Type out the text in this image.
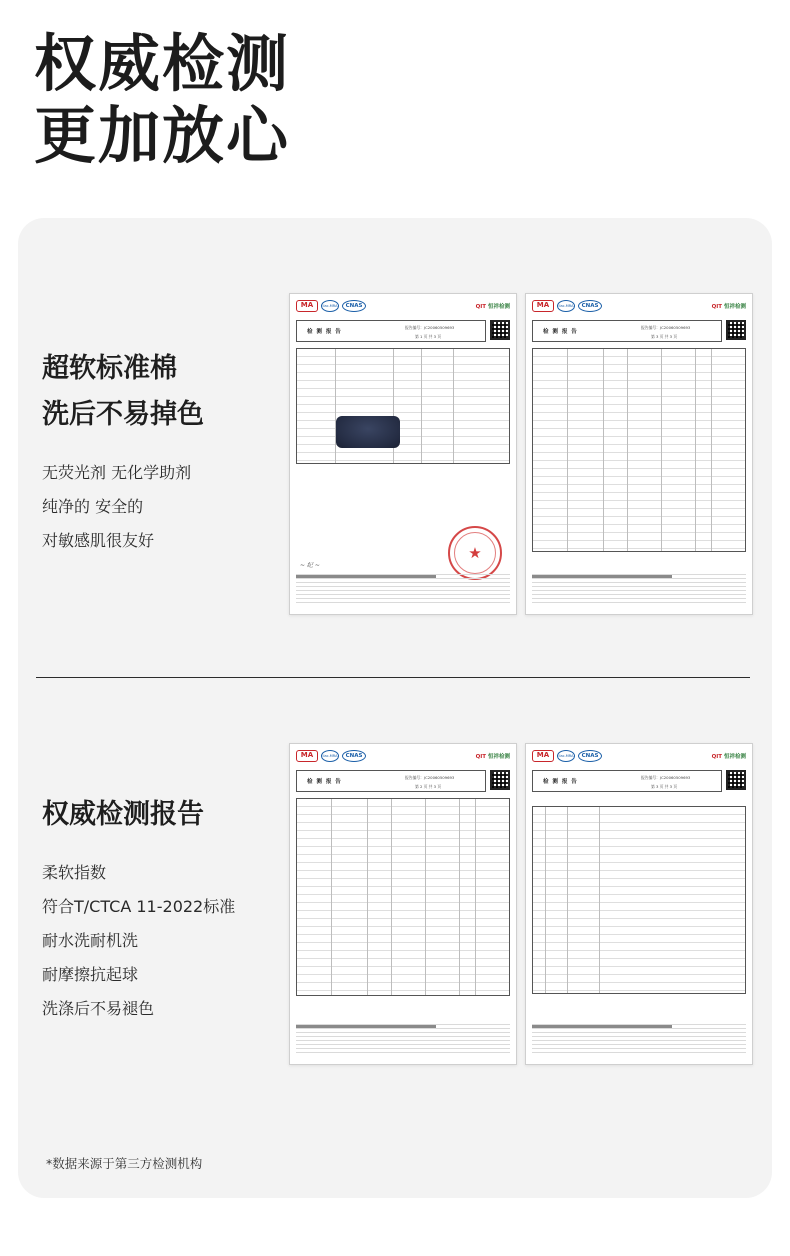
权威检测
更加放心
超软标准棉
洗后不易掉色
无荧光剂 无化学助剂
纯净的 安全的
对敏感肌很友好
MA	ilac-MRA	CNAS	QIT 恒祥检测
检 测 报 告
报告编号：JC20060509693
第 1 页 共 3 页
~ 纪 ~
★
MA	ilac-MRA	CNAS	QIT 恒祥检测
检 测 报 告
报告编号：JC20060509693
第 3 页 共 3 页
权威检测报告
柔软指数
符合T/CTCA 11-2022标准
耐水洗耐机洗
耐摩擦抗起球
洗涤后不易褪色
MA	ilac-MRA	CNAS	QIT 恒祥检测
检 测 报 告
报告编号：JC20060509693
第 2 页 共 3 页
MA	ilac-MRA	CNAS	QIT 恒祥检测
检 测 报 告
报告编号：JC20060509693
第 3 页 共 3 页
*数据来源于第三方检测机构
